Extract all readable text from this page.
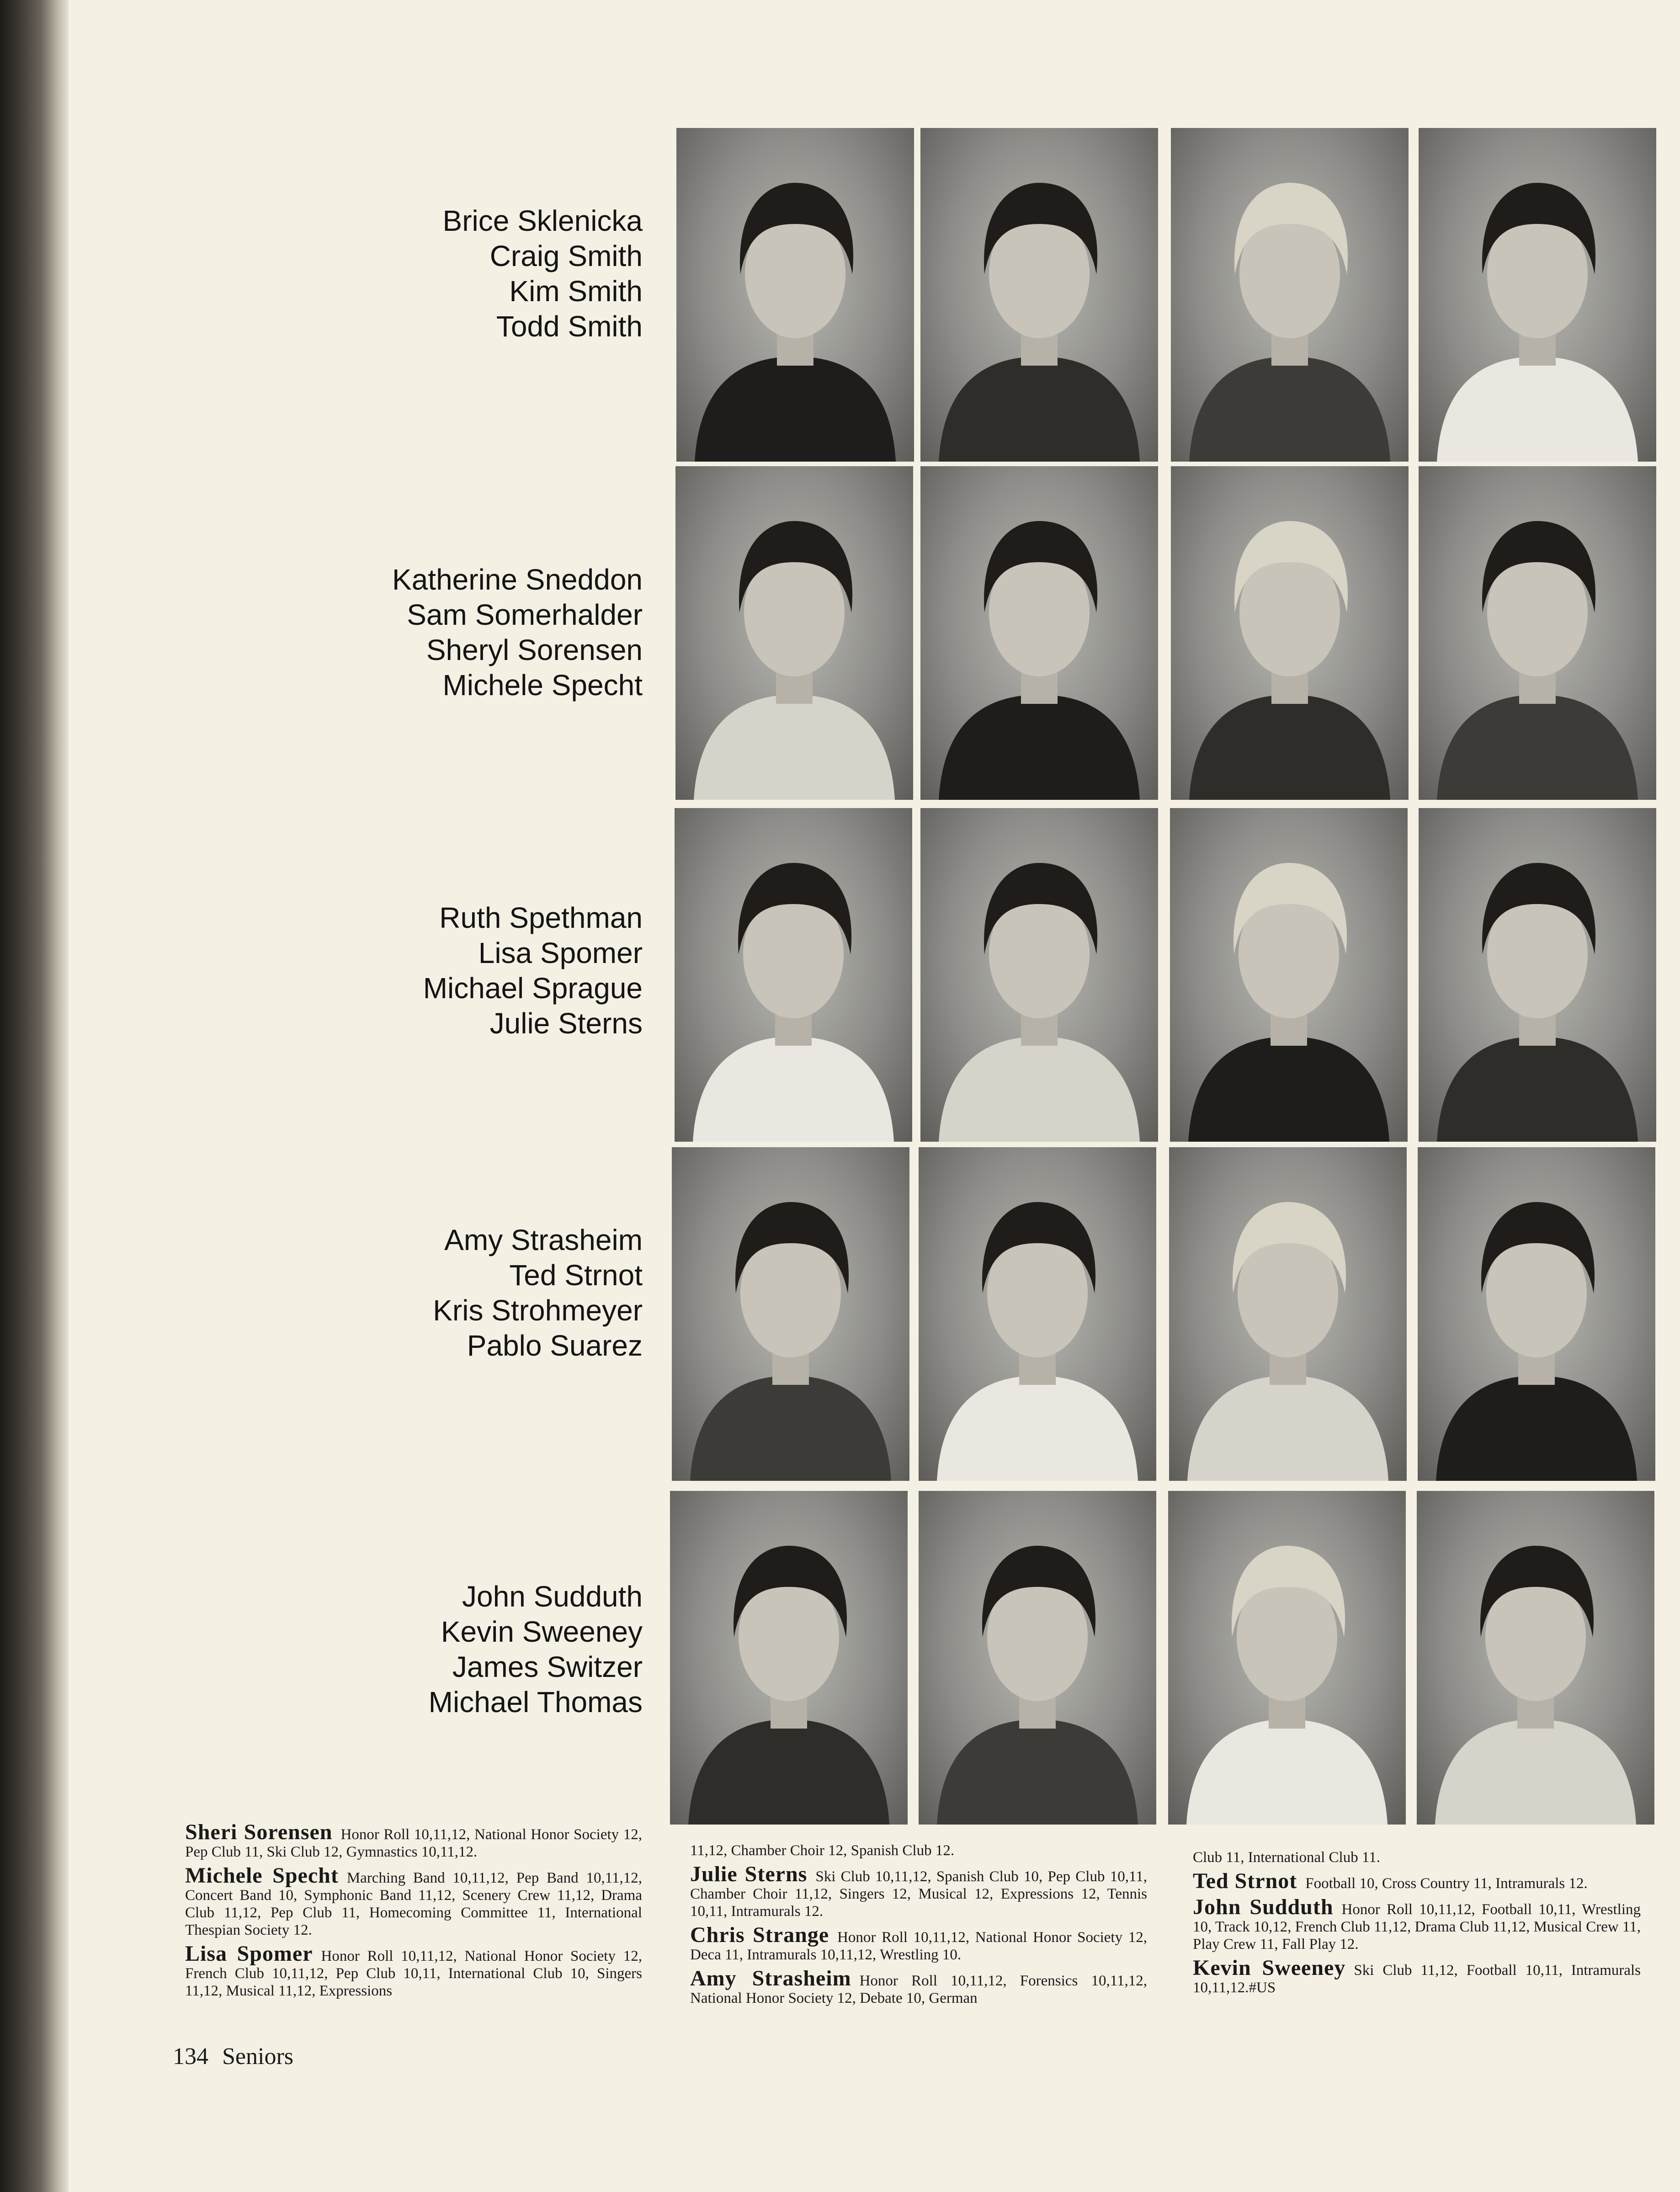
Brice Sklenicka
Craig Smith
Kim Smith
Todd Smith
Katherine Sneddon
Sam Somerhalder
Sheryl Sorensen
Michele Specht
Ruth Spethman
Lisa Spomer
Michael Sprague
Julie Sterns
Amy Strasheim
Ted Strnot
Kris Strohmeyer
Pablo Suarez
John Sudduth
Kevin Sweeney
James Switzer
Michael Thomas

Sheri Sorensen Honor Roll 10,11,12, National Honor Society 12, Pep Club 11, Ski Club 12, Gymnastics 10,11,12.

Michele Specht Marching Band 10,11,12, Pep Band 10,11,12, Concert Band 10, Symphonic Band 11,12, Scenery Crew 11,12, Drama Club 11,12, Pep Club 11, Homecoming Committee 11, International Thespian Society 12.

Lisa Spomer Honor Roll 10,11,12, National Honor Society 12, French Club 10,11,12, Pep Club 10,11, International Club 10, Singers 11,12, Musical 11,12, Expressions

11,12, Chamber Choir 12, Spanish Club 12.

Julie Sterns Ski Club 10,11,12, Spanish Club 10, Pep Club 10,11, Chamber Choir 11,12, Singers 12, Musical 12, Expressions 12, Tennis 10,11, Intramurals 12.

Chris Strange Honor Roll 10,11,12, National Honor Society 12, Deca 11, Intramurals 10,11,12, Wrestling 10.

Amy Strasheim Honor Roll 10,11,12, Forensics 10,11,12, National Honor Society 12, Debate 10, German

Club 11, International Club 11.

Ted Strnot Football 10, Cross Country 11, Intramurals 12.

John Sudduth Honor Roll 10,11,12, Football 10,11, Wrestling 10, Track 10,12, French Club 11,12, Drama Club 11,12, Musical Crew 11, Play Crew 11, Fall Play 12.

Kevin Sweeney Ski Club 11,12, Football 10,11, Intramurals 10,11,12.#US

134 Seniors
